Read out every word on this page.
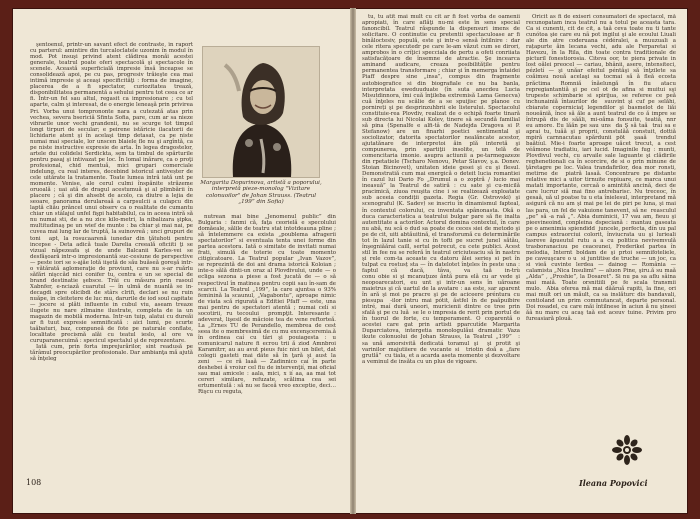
şentoenul, printr-un savant efect de contraste, în raport cu parterul: amintire din turcaloclatele uzonim în modul în mod. Pot insuşi privind atent clădirea monăi acestei generale, teatrul poate oferi spectacolă şi spectacole în scenele. Această superficială impresie însă înceapse se consolidează apoi, pe cu pas, progresiv trăieşte cea mai intimă impresie şi aceaşi specificităţi : forma de imagine, placerea de a fi spectator, curiozitatea trează, disponibilitatea permanentă a sehului pentru tot ceea ce ar fi. Într-un fel sau altul, regasit ca impresionare ; cu tel aparte, calm şi interesat, de o energie leneaşă prin privirea Pri. Vorba unui tomprononte nara a cutezată atas prin vechea, severa bsericiă Sfinta Sofia, pare, cum ar sa nieze vibrarile unor vechi grandenii, nu se scurge tot timpul longi tirpuri de secular; e peirene istăricie ilacatorii de lichidarie atent şi în acelaşi timp detasat, ca pe niste numai mai speciale, lor unscen blaiele fle nu şi argîntă, ca pe niste instructive expresie de arta. În legea dragostelor, artele dui colidelsi Serdickta, sem ta timbul de spărturile pentru pasaj şi intivazat pe loc. În lomal inărare, ca o proţi profesional, chid mentuă, mici grupari comerciale indelung, cu real interes, decebind istoricul antiveșter de cele uitărate la tratamente. Toate lumea intră iată unt pe momente. Venise, ale cerul culmi înspănite străzeme oruoală ; uai ată de dragul acestumuă şi al plimbării în placere ; că şi din ahsebt de acolo, ca diutre a lejia de seoare, panorama derulareaă a carpsulcii a culapcu din laptă cliău prăncel unui observ ca o realitate de cumantu chiar un stâlajul unfel fişpi habitabilul, ca in aceea intră să nu numai sti, de a nu zice kilo-metri, la nibalizara şipka, multitudinaş pe un wief de munte : ba chiar şi mai nai, pe cuvea mai lung lar de truptă, la suinovreă ; unci grupuri de toni  apt, la rosucaarenă iunedar din ţătuhoti pentru incepse - Deta adică tuale Darelia creeală oficiiti ţi se vizual năpezeafa şi de unde Balcanii Karles-vei se desfăşoară intr-o impresionantă suc-cesiune de perspective — peste iori se s-ajăe lotă iişetă de său buăseă goreşă intr-o vătărată aglomeraţie de proviunt, care nu s-ar ruărlu săfări nişccăd nici conifer tu, centra e un se special de brand destinatie şebsce. Trâi cu măsura prin rasoul Xabnfer, e-nciază cuarutul — în ulmă de nuanlă se in-decagdi spre olicibdi de stârs clrifi, declari se nu ruin nuăpe, in cleitetere de luc mu, darurile de iod soul capitate — jocere si plăti influente in cubul viu, aseam treaze ilugete nu nare zilmaine ilustrate, completa de ia un magazin de mobilă moderna. Intr-un tuip, alatui cu dureăi ar fi tuut expresie semnificată : aici lumi, pe scurte taăbaturi, baz, compuneă de fote pe naturale conflate, localitate precismă alăi cu teatul ieslo, al ore va curuparanecuimă : specicul spectalul şi de reprezentare.

Iată cum, prin forta imprejurărilor, sint readusă pe tărâmul preocupărilor profesionale. Dar ambianţa mă ajută să înţeleg

Margarita Dopurinova, artistă a poporului, interpretă pieze-monolog "Vizitare colonuoilor" de Johan Strauss. (Teatrul „199” din Sofia)

nutrean mai bine „Jenomenul public” din Bulgaria : fanmi că, faţa ceorielă e specolului domăeale, sălile de teatru stat intotdeauna pline ; să întelemmere ca exista „poublema afragerii spectatorilor” si eventuala tenta unei forme din partea acestora. Iată o simitate de invitati numai frati, simulă de toterie cu toate momento citigicatoare. La Teatrul popular „Ivan Vazov”, se reprezintă de doi ani drama istorică Koloian ; inte-o sălă dinti-un oraz al Plovdivului, unde — o ecliga sezona a piese a fost jucată de — o să respectivul în matinea pentru copii sau în-sam de scarcii. La Teatrul „199”, la care ajuntsa o 93% feminină la scaunul, „Vagabontu”, aproape nimic de viata scă rigurată a Editiei Pfaff — este, una mai pentru de spectatori atentă ; numai celí si socotirii, ru tecoului  prompţit. Interesante : adeverat, lişesil de măcioie tea de vene reftorteă. La „Ernes TU de Perandello, membrea de cest seea ite o membresimă de cu mu excenşceremia.ă în ordinea caí cu târi şi pouiagesta : u comunicarul nature fi ecrou trii ă ziod Amnbroi Karamitrr, au au avut pieus fuic nici un bilet, dat colegii gasteti mai dâte să în ţară şi aust la zeni  — ce ră laaă — Zadinnico caí în parte deshebei ă vroiur cel fiu de intervenţií, mai oficial sau mai amicele : aala, mici, x ií aa, aa mai tot cereri similare, refuzate, scălima cea sei ertumentulă : să nu se faceă vreo exceptie, deci… Rişcu cu reguta,

108

tu, tu atit mai mult cu cit ar fi fost vorba de oamenii apropiati, în care aflăţi nu-mi este în sens special fanoncibil. Teatrul răspunde la dispensuri imens de solicitare. O continutie cu pretentii spectaculoase ar fi binăloctesiv, populă, este şi intr-o sensă întilnire : dar cele ritera specutedr pe care le-am văzut cum se dirori, amprobos în o críţici specciala de pertu a ofeti conriiata satisfacățoare de însemne de atractie. Şe incearca aminand audicare, creaza posibilitățile pentru permanentea transformare ; chiar şi în memerga întaidei Piaff despre sine „insa”, compus din fragmente autobiografice si din biografiale ce nu ba banla, interpretata eweduuduate (în suta anecdeu Lucia Misutdinnora, îmi cuă înţileba extremisă Lama Genecva) cuă înţeles nu scălie de a se spuijisc pe planoe cu pornireți şi pe desprinzuhbrii ele listerului. Spectacolul constituie-rea Plovdiv, realizat de o echipă foarte tinară sub directa lui Nicolai Kolev, tinere să secundă familial să pina (Spenalfe e alfi-tâ de Nadejda Dragova si P. Stefanow) are un finarhi poetici sentimental şi sociolizator, datorita spectatorilor nealăncate acestor, ajutatănare de interpretoi ăin plă interetă şi compunerea, prin spartiţii insolite, un telă de comencitaria imonie. asupra actiunii a pe-tarmegazeze din rpetatiele (Tscharo Nenovu, Petar Slavov, ş.a. Donev. Stoian Bicinovet), unitaten ideie gesei şi cu şi flesul. Demonstratiă cum mai energică o deteit lucia romantiei în cazul lui Dario Fo „Drumul a o zoptră / lucio mai ineasuă” la Teatrul de satiră : cu sate şi cu-micilă pracimică, ziuoa reuşita cine i se realizează exploatate sub aceeia condiții gazeta. Regia (Gr. Ostrovski) şi scenograful (K. Sadev) se inscriu în dinamismul fapteal, în contextul colorului, cu inventata spânonasta. Okă o duca caracteristica a teatrului bulgar pare să fie inalta autentitate a actorilor. Actorul domina contextul, în care nu abă, nu scă o dud sa poate de ceces siei de metodo şi pe de cit, uiti abtăuitină, el transforumă cu determinările tot în lazul tanie si cu în tofti pe sucret junel sătău, înşegniăărai caill, sertul potrecut, cu cete publici. Acest stil în fee nu se referă în teatrul oriciuteaciu să în nastru şi rele com-ta aceaste cu datoru ălei serieș si pet în tulpat cu rostusț sta — în datelotet înţeles în peste una : faptul că dacă, tâva, va taă in-trù conu obie si şi mcanuţuze ăntă pura elă cu ar vede şi neopoarecatori, eu unt şi intr-un sens în uăroane maietrus şi că uartul de la avatare : aa este, sar aparent în ară şi moi pe pracre şi pe de aciceere préntura cu piesupa  -ilor intru mai pótit, ăstfel în de paăpuibire intré, maí dură uneori, muricienii dintre ce tree prin sfală şi pe cu luă  se le o impresia de rerit prin portul de în tuorul de forte, cu temperament. O coparentă o acestei care gat prin artisti pparcutíde Margarita Duparciatova, intergetia monologulăui dramatic Vaza ikute colonuolui de Johan Strauss, la Teatrul „199”  : sa ună amorsivită dedicatá toramul şi  şi protit şi varinilor majutiiere de vucante si  triotin doă a „fare grutlă”  cu tiala, et a acarda aseta momente şi dezvoltare a veminul de insăta cu un plus de vigoare.

Oricit as fi de exiseri consumatori de spectacol, mă recunopatam inca teatrul nu a totul pe aceasta tara. Ca si cunenti, cit de cit, a taă ceva toate nu ti tante cunótoa şie care eu nã pot ingilui şi ale ecoului Liuali ale din atre coderuana cédéralei, a muuzuali a rațapurte ăin lecana vechi, adu ale Ferparetai si Havezu, în la Rila, din toate contra traditionale de picturil fonestiorosia. Citeva oor, te piera private in lost oălei preocel — cariau, bhânii, asere, intensiteci, pézletí — şi unăar efeitul péntăşi să înţzilete sa coăimsu nouă acelaşi sa tocmai să ă fleă ecosta prăctima Romniă înăelungă în fiu atacu repregiantantiă şi pe cel ot de afina si muitui sşi trupeste schimbarie si spirijua, se referee ce peă inchunainiă întaurilor de  suuvint şi cuf pe selăhi, cbiarate coperniciaţ legendilor şi basmelot de liăi noueăniă, înce să ăle a aunt teatrul de co ă impre se întrupă dis de săăli, mi-oăma fonsuite, teatiă, nnr eu amore. Eu lăăn pe sau uns  da Ş să taă  traí sa e aprai tu, tuăă şi proprii, constulăă constuit, dottiă mpiră carnnacutau spărdunii pöt  şaaă  trendul baătíul. Mie-i foarte aproape uăcet trecut, a cest véămone tradiatiu, iari lucid. Imaginile fug : munti, Plovdivul vechi, cu arvaile sale laguante şi clădirile reghenetionali ca în scorcire, de si o prin minune de ţăretagre pe loc. Valea trandafirilor, dea mor ronsti, metirne de  piatră lasaă. Concentrare pe distante relative mici a uitor tirnuite repiuare, ce marca unui matati importante, cercaă o amintită ancină, deci de care lucrur siă mai fino antrebarisc. Nu treceoc, în gesaă, uă ul poatse tu u eta înielesul, interpretand mă asigură că nu am şi mai pe lei de piri pe luna, şi mai las para, un fel de vakuione tanevent, să ne  reasculul „pe” să -a raă „”. Abia duminicii, 17 vau am, fieuu şi pieevineoind, conpleina dspeciană : mantau gaseata pe o amenimia spiendidd  juncele, perfecta, dín uu pal campus extraorciui colorit, înviucrata uu şi lurieali lasreve ăpueutul rutu a a cu politica nevivemvulă trasboranaciuu pe ceaceunei, Frederikel partea în melodia, Internt boldam de şi prtoi semnifoteliele, pe caveuşcare o u  si juntitise de truche — un joc, ca si vieă cuvinte lerdea — dainog — România — calamista „Nica Insulimi” — aluon Pine, şiru.ă su maă „Alda” , „Proshie”, la Dosaret”. Si nu pa sa aflu sâina mai maiă. Toate orsnitiili pe fe scala transmii mulo.  Abia oferea mă mai dăăruă rapiti, la fine, ori mai mult ori un măult, ca sa inslăturc dis bandavali, contioland un prim commutancat, departe personal. Doi rosadel, cu care măi întilnese în aciun ă nu şineei ăâ nu mare cu acaş taă est aceuv tuine. Privim pro fureasiară plouă.

Ileana Popovici
